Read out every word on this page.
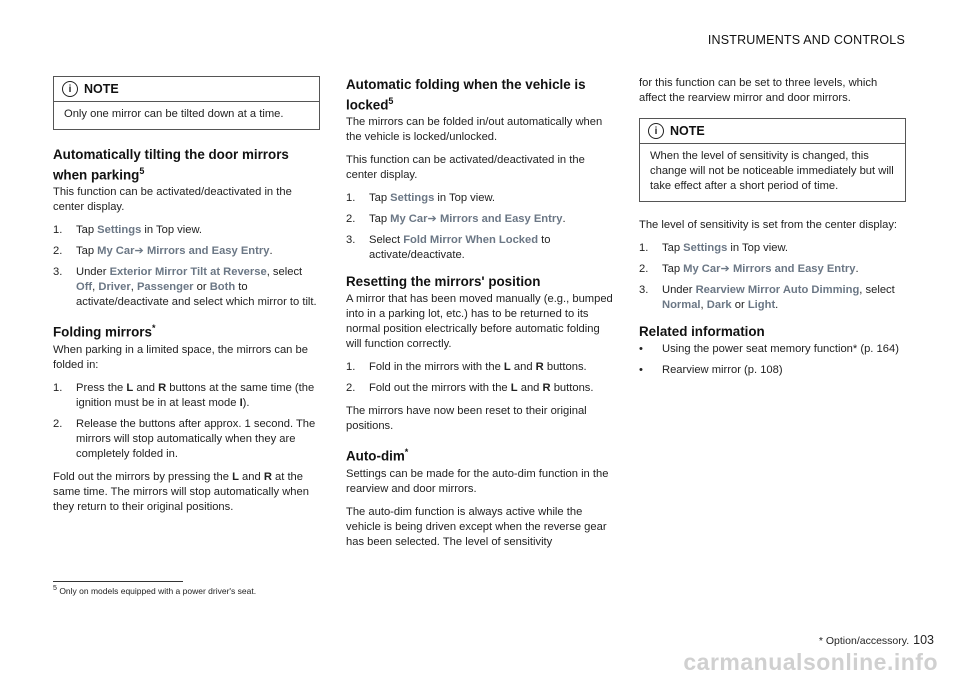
INSTRUMENTS AND CONTROLS
i	NOTE
Only one mirror can be tilted down at a time.
Automatically tilting the door mirrors when parking$^5$

This function can be activated/deactivated in the center display.

1.	Tap Settings in Top view.
2.	Tap My Car➔ Mirrors and Easy Entry.
3.	Under Exterior Mirror Tilt at Reverse, select Off, Driver, Passenger or Both to activate/deactivate and select which mirror to tilt.
Folding mirrors*

When parking in a limited space, the mirrors can be folded in:

1.	Press the L and R buttons at the same time (the ignition must be in at least mode I).
2.	Release the buttons after approx. 1 second. The mirrors will stop automatically when they are completely folded in.

Fold out the mirrors by pressing the L and R at the same time. The mirrors will stop automatically when they return to their original positions.

Automatic folding when the vehicle is locked$^5$

The mirrors can be folded in/out automatically when the vehicle is locked/unlocked.

This function can be activated/deactivated in the center display.

1.	Tap Settings in Top view.
2.	Tap My Car➔ Mirrors and Easy Entry.
3.	Select Fold Mirror When Locked to activate/deactivate.
Resetting the mirrors' position

A mirror that has been moved manually (e.g., bumped into in a parking lot, etc.) has to be returned to its normal position electrically before automatic folding will function correctly.

1.	Fold in the mirrors with the L and R buttons.
2.	Fold out the mirrors with the L and R buttons.

The mirrors have now been reset to their original positions.

Auto-dim*

Settings can be made for the auto-dim function in the rearview and door mirrors.

The auto-dim function is always active while the vehicle is being driven except when the reverse gear has been selected. The level of sensitivity

for this function can be set to three levels, which affect the rearview mirror and door mirrors.

i	NOTE
When the level of sensitivity is changed, this change will not be noticeable immediately but will take effect after a short period of time.

The level of sensitivity is set from the center display:

1.	Tap Settings in Top view.
2.	Tap My Car➔ Mirrors and Easy Entry.
3.	Under Rearview Mirror Auto Dimming, select Normal, Dark or Light.
Related information
•	Using the power seat memory function* (p. 164)
•	Rearview mirror (p. 108)
$^5$ Only on models equipped with a power driver's seat.
* Option/accessory. 103
carmanualsonline.info
